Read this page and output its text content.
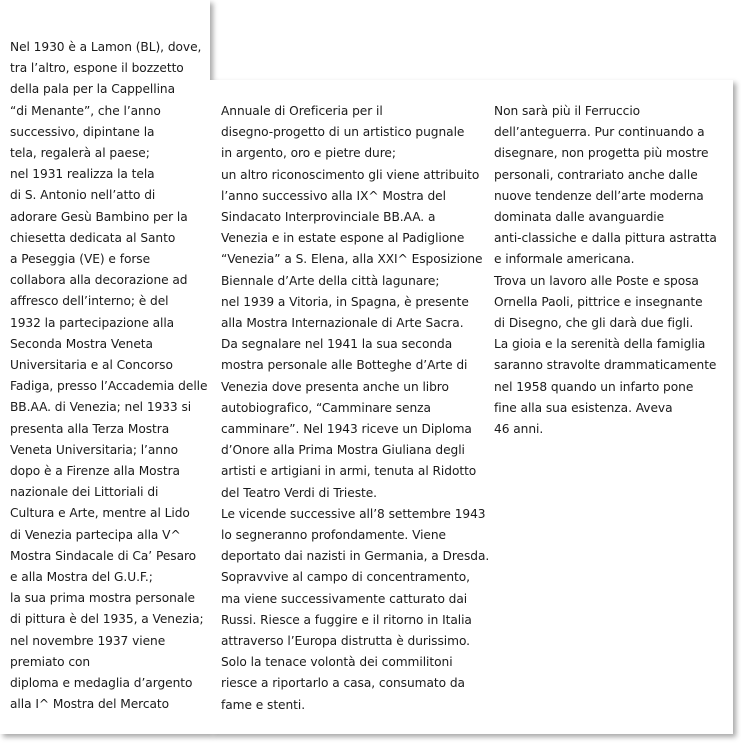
Nel 1930 è a Lamon (BL), dove,
tra l’altro, espone il bozzetto
della pala per la Cappellina
“di Menante”, che l’anno
successivo, dipintane la
tela, regalerà al paese;
nel 1931 realizza la tela
di S. Antonio nell’atto di
adorare Gesù Bambino per la
chiesetta dedicata al Santo
a Peseggia (VE) e forse
collabora alla decorazione ad
affresco dell’interno; è del
1932 la partecipazione alla
Seconda Mostra Veneta
Universitaria e al Concorso
Fadiga, presso l’Accademia delle
BB.AA. di Venezia; nel 1933 si
presenta alla Terza Mostra
Veneta Universitaria; l’anno
dopo è a Firenze alla Mostra
nazionale dei Littoriali di
Cultura e Arte, mentre al Lido
di Venezia partecipa alla V^
Mostra Sindacale di Ca’ Pesaro
e alla Mostra del G.U.F.;
la sua prima mostra personale
di pittura è del 1935, a Venezia;
nel novembre 1937 viene
premiato con
diploma e medaglia d’argento
alla I^ Mostra del Mercato
Annuale di Oreficeria per il
disegno-progetto di un artistico pugnale
in argento, oro e pietre dure;
un altro riconoscimento gli viene attribuito
l’anno successivo alla IX^ Mostra del
Sindacato Interprovinciale BB.AA. a
Venezia e in estate espone al Padiglione
“Venezia” a S. Elena, alla XXI^ Esposizione
Biennale d’Arte della città lagunare;
nel 1939 a Vitoria, in Spagna, è presente
alla Mostra Internazionale di Arte Sacra.
Da segnalare nel 1941 la sua seconda
mostra personale alle Botteghe d’Arte di
Venezia dove presenta anche un libro
autobiografico, “Camminare senza
camminare”. Nel 1943 riceve un Diploma
d’Onore alla Prima Mostra Giuliana degli
artisti e artigiani in armi, tenuta al Ridotto
del Teatro Verdi di Trieste.
Le vicende successive all’8 settembre 1943
lo segneranno profondamente. Viene
deportato dai nazisti in Germania, a Dresda.
Sopravvive al campo di concentramento,
ma viene successivamente catturato dai
Russi. Riesce a fuggire e il ritorno in Italia
attraverso l’Europa distrutta è durissimo.
Solo la tenace volontà dei commilitoni
riesce a riportarlo a casa, consumato da
fame e stenti.
Non sarà più il Ferruccio
dell’anteguerra. Pur continuando a
disegnare, non progetta più mostre
personali, contrariato anche dalle
nuove tendenze dell’arte moderna
dominata dalle avanguardie
anti-classiche e dalla pittura astratta
e informale americana.
Trova un lavoro alle Poste e sposa
Ornella Paoli, pittrice e insegnante
di Disegno, che gli darà due figli.
La gioia e la serenità della famiglia
saranno stravolte drammaticamente
nel 1958 quando un infarto pone
fine alla sua esistenza. Aveva
46 anni.
